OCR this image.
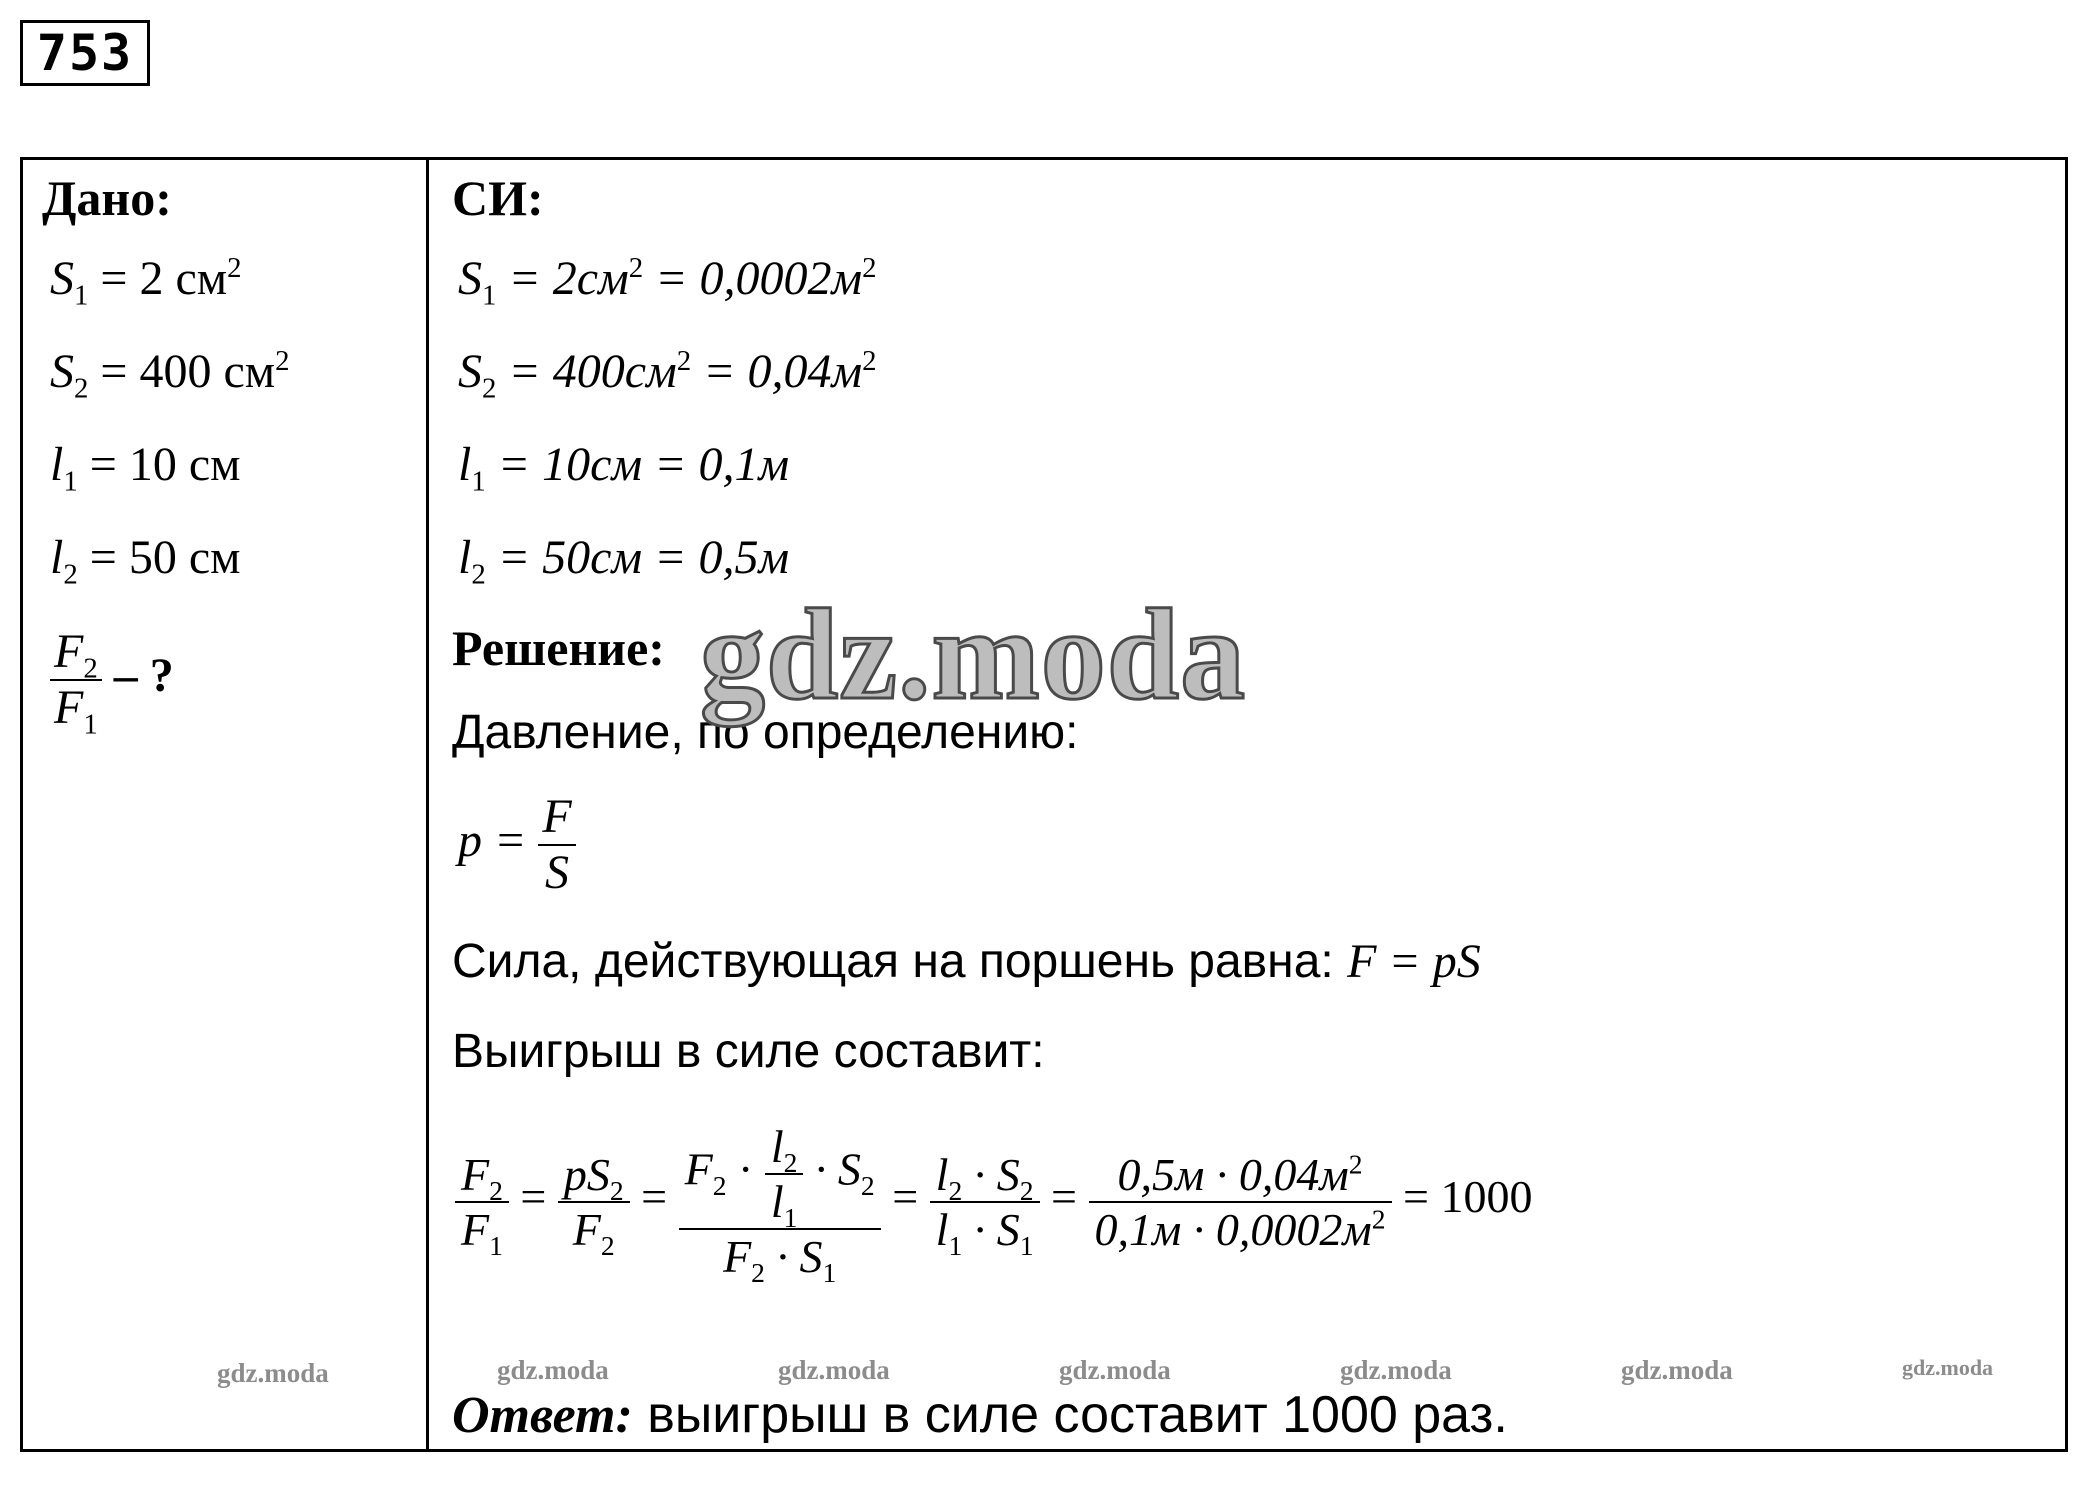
753
Дано:
$S_1 = 2$ $см^2$
$S_2 = 400$ $см^2$
$l_1 = 10$ см
$l_2 = 50$ см
$\frac{F_2}{F_1}$ – ?
СИ:
$S_1 = 2см^2 = 0,0002м^2$
$S_2 = 400см^2 = 0,04м^2$
$l_1 = 10см = 0,1м$
$l_2 = 50см = 0,5м$
Решение:
Давление, по определению:
$p = \frac{F}{S}$
Сила, действующая на поршень равна: F = pS
Выигрыш в силе составит:
$\frac{F_2}{F_1} = \frac{pS_2}{F_2} = \frac{F_2 \cdot \frac{l_2}{l_1} \cdot S_2}{F_2 \cdot S_1} = \frac{l_2 \cdot S_2}{l_1 \cdot S_1} = \frac{0,5м \cdot 0,04м^2}{0,1м \cdot 0,0002м^2} = 1000$
gdz.moda
gdz.moda	gdz.moda	gdz.moda	gdz.moda	gdz.moda	gdz.moda	gdz.moda
Ответ: выигрыш в силе составит 1000 раз.
